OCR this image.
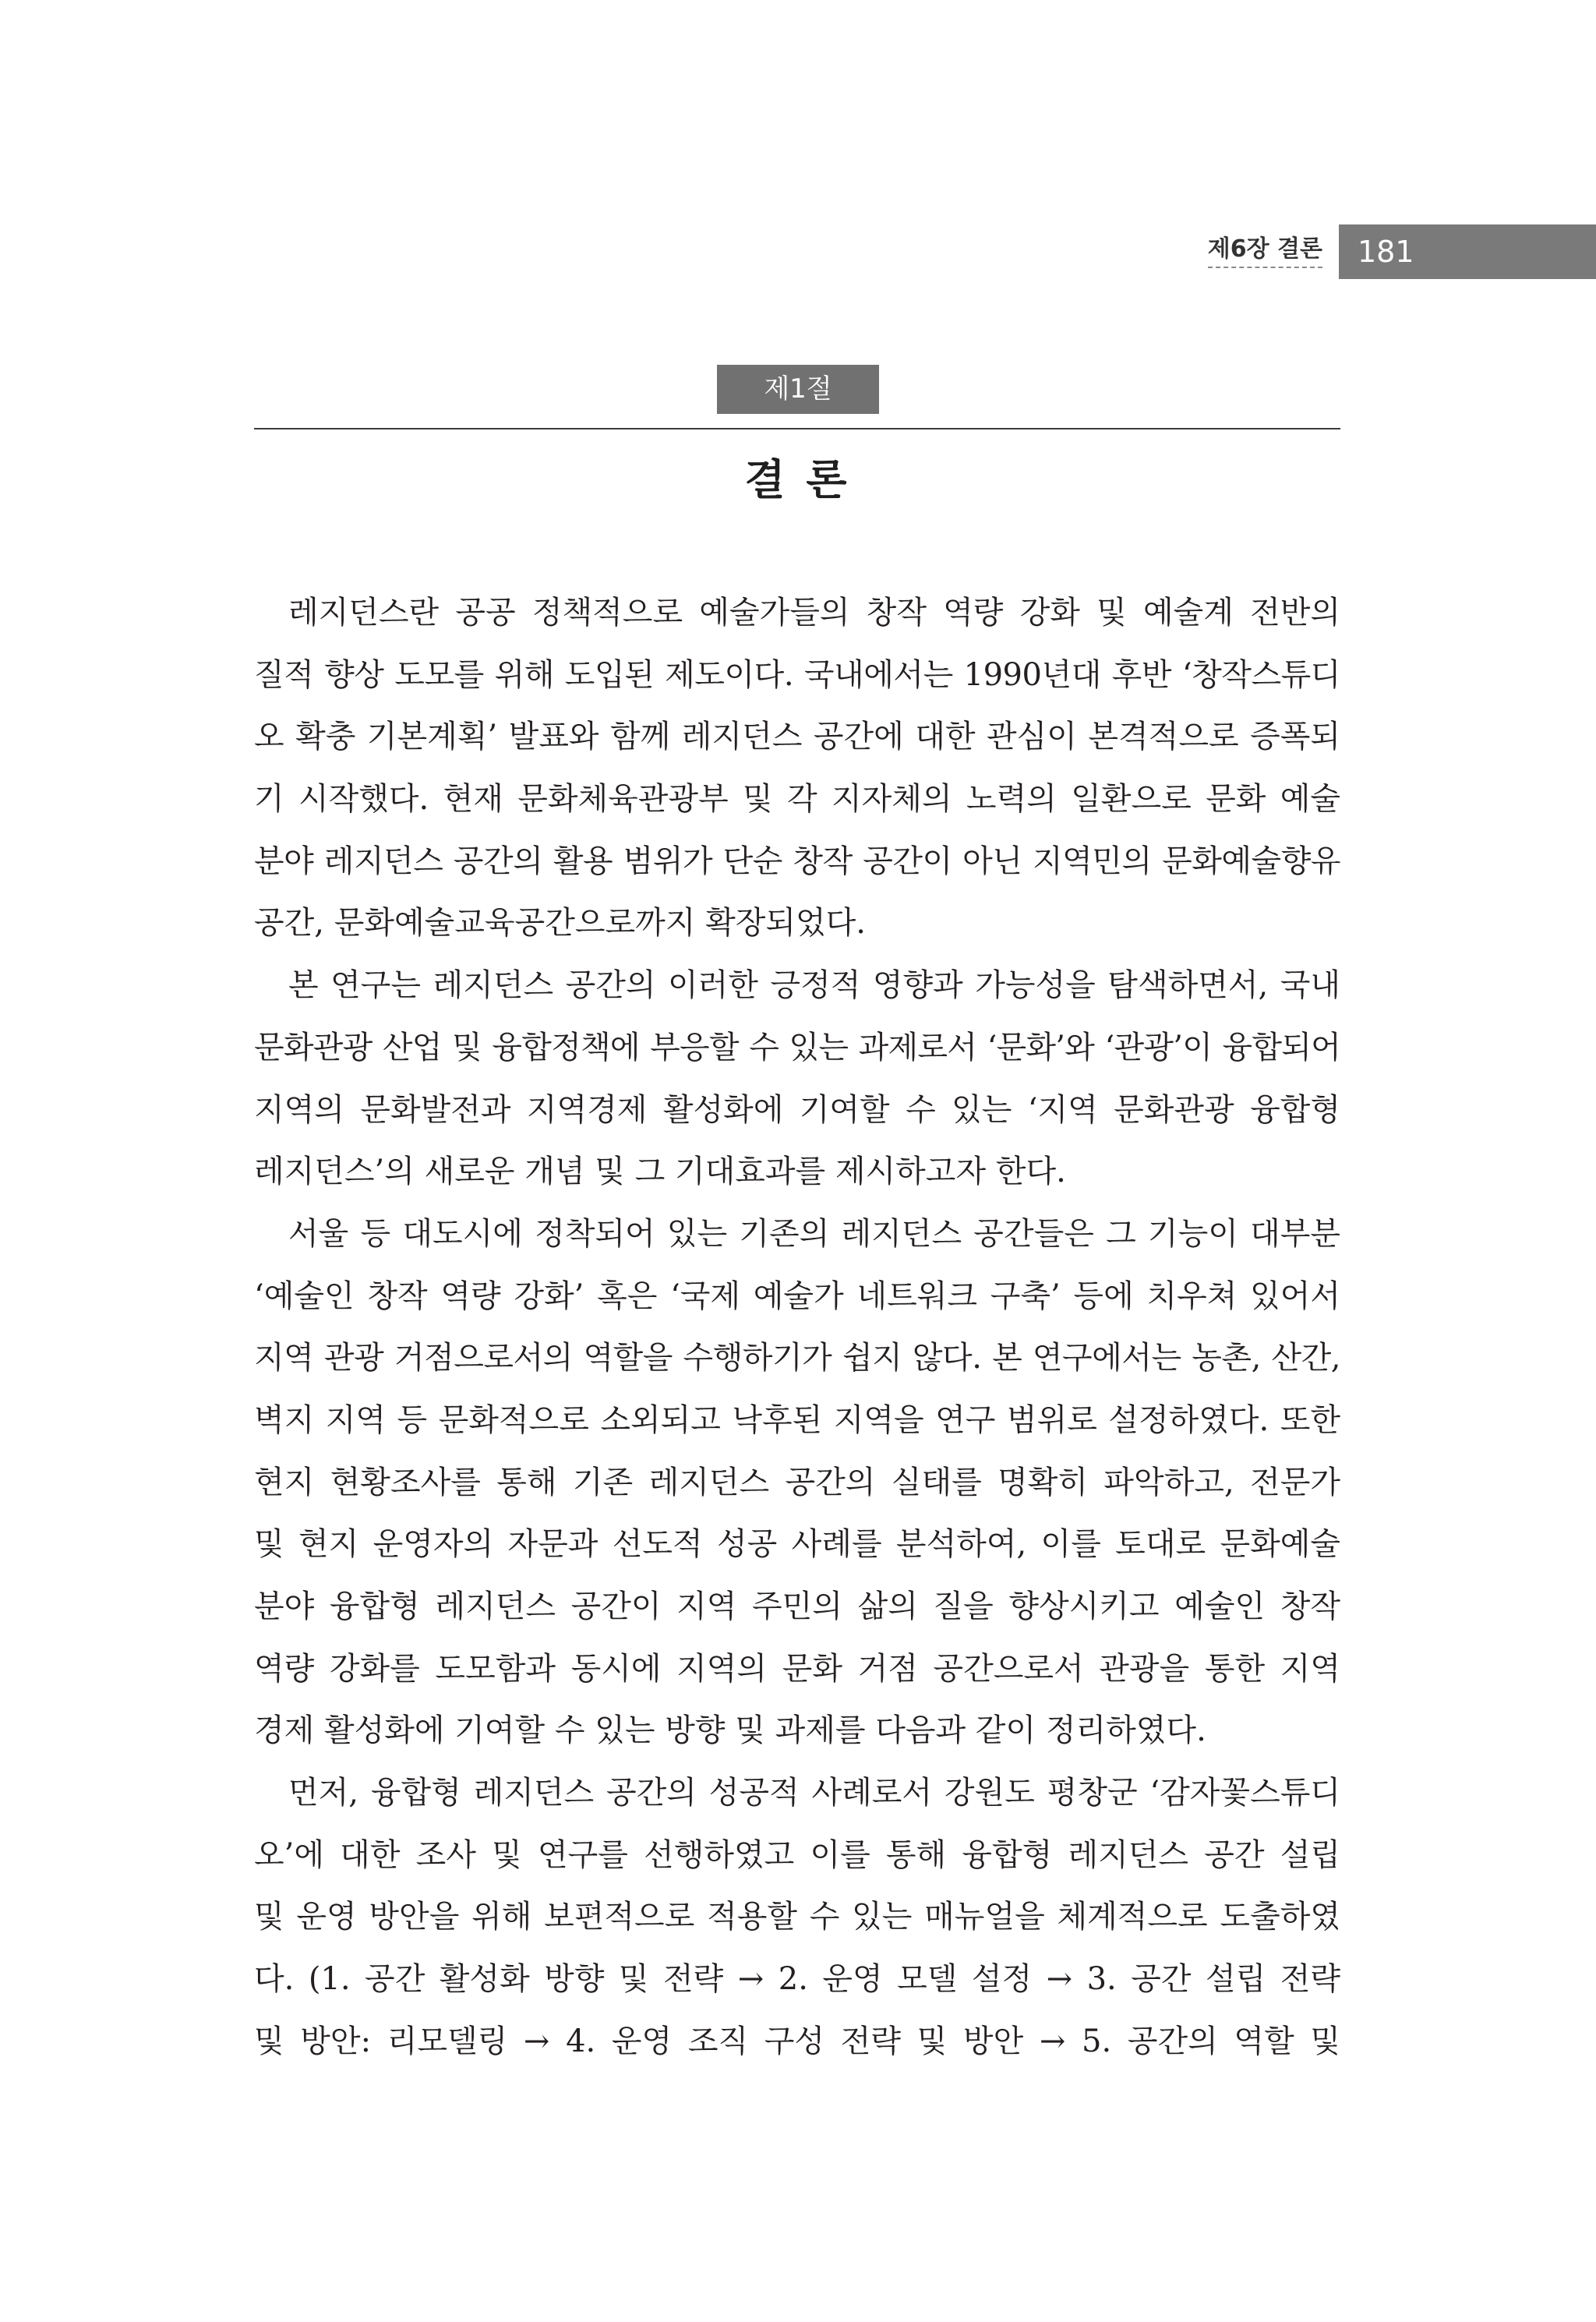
제6장 결론 181
제1절
결 론
레지던스란 공공 정책적으로 예술가들의 창작 역량 강화 및 예술계 전반의
질적 향상 도모를 위해 도입된 제도이다. 국내에서는 1990년대 후반 ‘창작스튜디
오 확충 기본계획’ 발표와 함께 레지던스 공간에 대한 관심이 본격적으로 증폭되
기 시작했다. 현재 문화체육관광부 및 각 지자체의 노력의 일환으로 문화 예술
분야 레지던스 공간의 활용 범위가 단순 창작 공간이 아닌 지역민의 문화예술향유
공간, 문화예술교육공간으로까지 확장되었다.
본 연구는 레지던스 공간의 이러한 긍정적 영향과 가능성을 탐색하면서, 국내
문화관광 산업 및 융합정책에 부응할 수 있는 과제로서 ‘문화’와 ‘관광’이 융합되어
지역의 문화발전과 지역경제 활성화에 기여할 수 있는 ‘지역 문화관광 융합형
레지던스’의 새로운 개념 및 그 기대효과를 제시하고자 한다.
서울 등 대도시에 정착되어 있는 기존의 레지던스 공간들은 그 기능이 대부분
‘예술인 창작 역량 강화’ 혹은 ‘국제 예술가 네트워크 구축’ 등에 치우쳐 있어서
지역 관광 거점으로서의 역할을 수행하기가 쉽지 않다. 본 연구에서는 농촌, 산간,
벽지 지역 등 문화적으로 소외되고 낙후된 지역을 연구 범위로 설정하였다. 또한
현지 현황조사를 통해 기존 레지던스 공간의 실태를 명확히 파악하고, 전문가
및 현지 운영자의 자문과 선도적 성공 사례를 분석하여, 이를 토대로 문화예술
분야 융합형 레지던스 공간이 지역 주민의 삶의 질을 향상시키고 예술인 창작
역량 강화를 도모함과 동시에 지역의 문화 거점 공간으로서 관광을 통한 지역
경제 활성화에 기여할 수 있는 방향 및 과제를 다음과 같이 정리하였다.
먼저, 융합형 레지던스 공간의 성공적 사례로서 강원도 평창군 ‘감자꽃스튜디
오’에 대한 조사 및 연구를 선행하였고 이를 통해 융합형 레지던스 공간 설립
및 운영 방안을 위해 보편적으로 적용할 수 있는 매뉴얼을 체계적으로 도출하였
다. (1. 공간 활성화 방향 및 전략 → 2. 운영 모델 설정 → 3. 공간 설립 전략
및 방안: 리모델링 → 4. 운영 조직 구성 전략 및 방안 → 5. 공간의 역할 및
